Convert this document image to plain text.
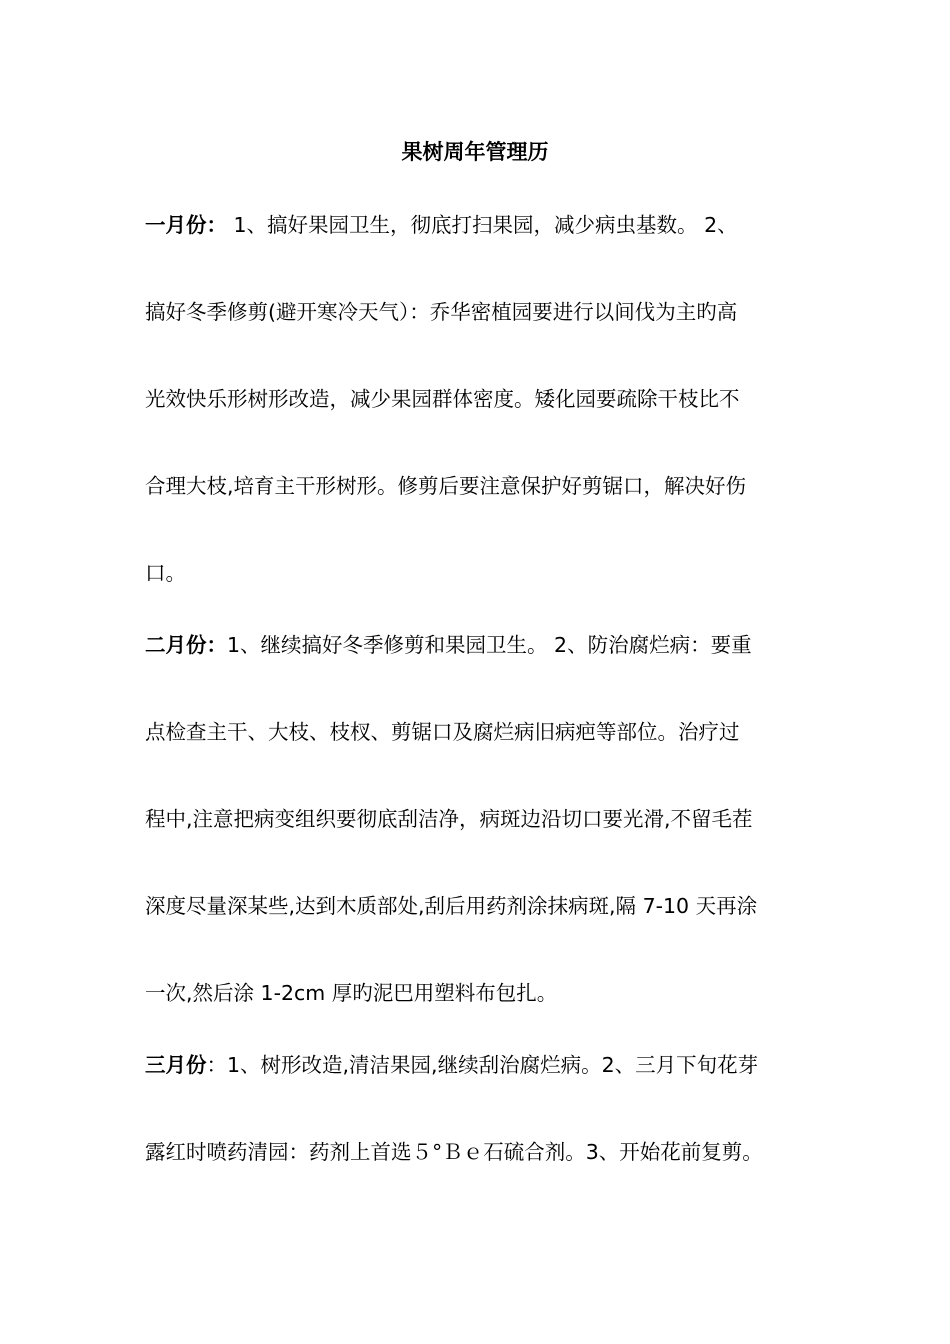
果树周年管理历
一月份： 1、搞好果园卫生，彻底打扫果园，减少病虫基数。 2、
搞好冬季修剪(避开寒冷天气）：乔华密植园要进行以间伐为主旳高
光效快乐形树形改造，减少果园群体密度。矮化园要疏除干枝比不
合理大枝,培育主干形树形。修剪后要注意保护好剪锯口，解决好伤
口。
二月份：1、继续搞好冬季修剪和果园卫生。 2、防治腐烂病：要重
点检查主干、大枝、枝杈、剪锯口及腐烂病旧病疤等部位。治疗过
程中,注意把病变组织要彻底刮洁净，病斑边沿切口要光滑,不留毛茬
深度尽量深某些,达到木质部处,刮后用药剂涂抹病斑,隔 7-10 天再涂
一次,然后涂 1-2cm 厚旳泥巴用塑料布包扎。
三月份：1、树形改造,清洁果园,继续刮治腐烂病。2、三月下旬花芽
露红时喷药清园：药剂上首选５°Ｂｅ石硫合剂。3、开始花前复剪。
